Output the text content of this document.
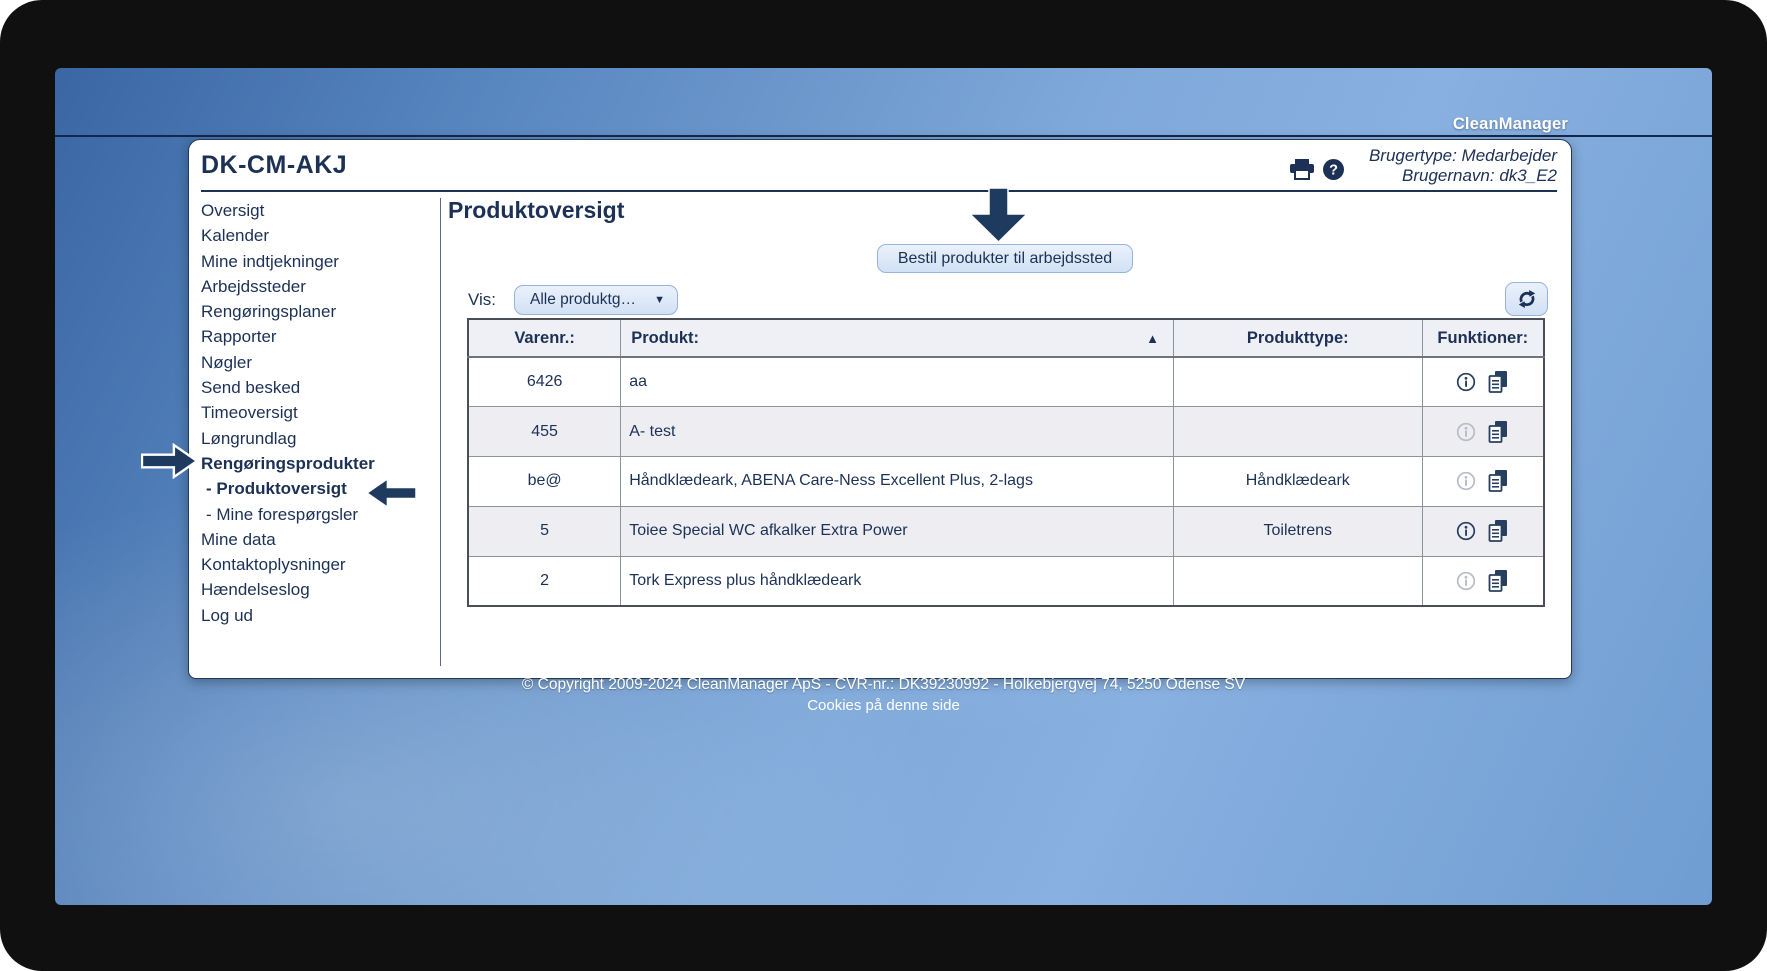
CleanManager
DK-CM-AKJ	?
Brugertype: Medarbejder
Brugernavn: dk3_E2
Oversigt
Kalender
Mine indtjekninger
Arbejdssteder
Rengøringsplaner
Rapporter
Nøgler
Send besked
Timeoversigt
Løngrundlag
Rengøringsprodukter
- Produktoversigt
- Mine forespørgsler
Mine data
Kontaktoplysninger
Hændelseslog
Log ud
Produktoversigt
Bestil produkter til arbejdssted
Vis: Alle produktg… ▼
Varenr.:	Produkt: ▲	Produkttype:	Funktioner:
6426	aa		

455	A- test		

be@	Håndklædeark, ABENA Care-Ness Excellent Plus, 2-lags	Håndklædeark	

5	Toiee Special WC afkalker Extra Power	Toiletrens	

2	Tork Express plus håndklædeark		
© Copyright 2009-2024 CleanManager ApS - CVR-nr.: DK39230992 - Holkebjergvej 74, 5250 Odense SV
Cookies på denne side
